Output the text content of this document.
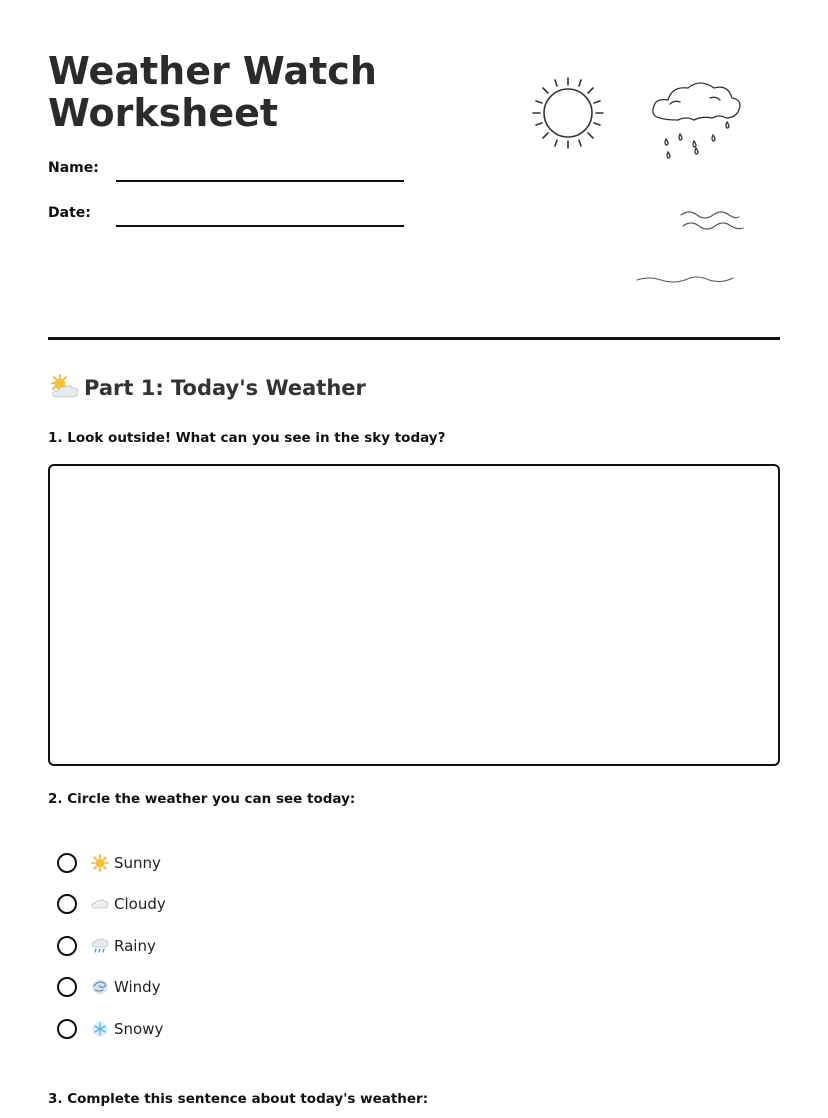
Weather Watch
Worksheet
Name:
Date:
Part 1: Today's Weather
1. Look outside! What can you see in the sky today?
2. Circle the weather you can see today:
Sunny
Cloudy
Rainy
Windy
Snowy
3. Complete this sentence about today's weather:
